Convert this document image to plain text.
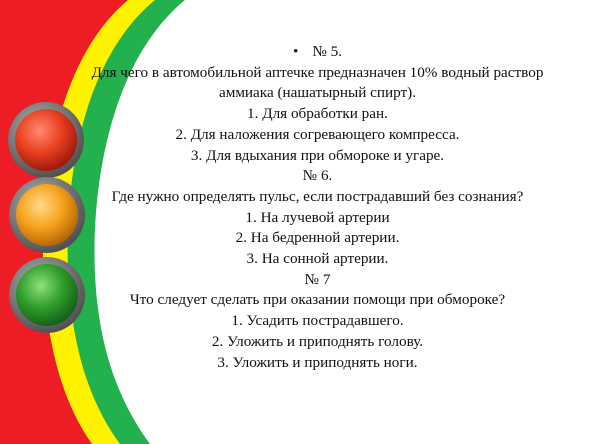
• № 5.
Для чего в автомобильной аптечке предназначен 10% водный раствор
аммиака (нашатырный спирт).
1. Для обработки ран.
2. Для наложения согревающего компресса.
3. Для вдыхания при обмороке и угаре.
№ 6.
Где нужно определять пульс, если пострадавший без сознания?
1. На лучевой артерии
2. На бедренной артерии.
3. На сонной артерии.
№ 7
Что следует сделать при оказании помощи при обмороке?
1. Усадить пострадавшего.
2. Уложить и приподнять голову.
3. Уложить и приподнять ноги.
